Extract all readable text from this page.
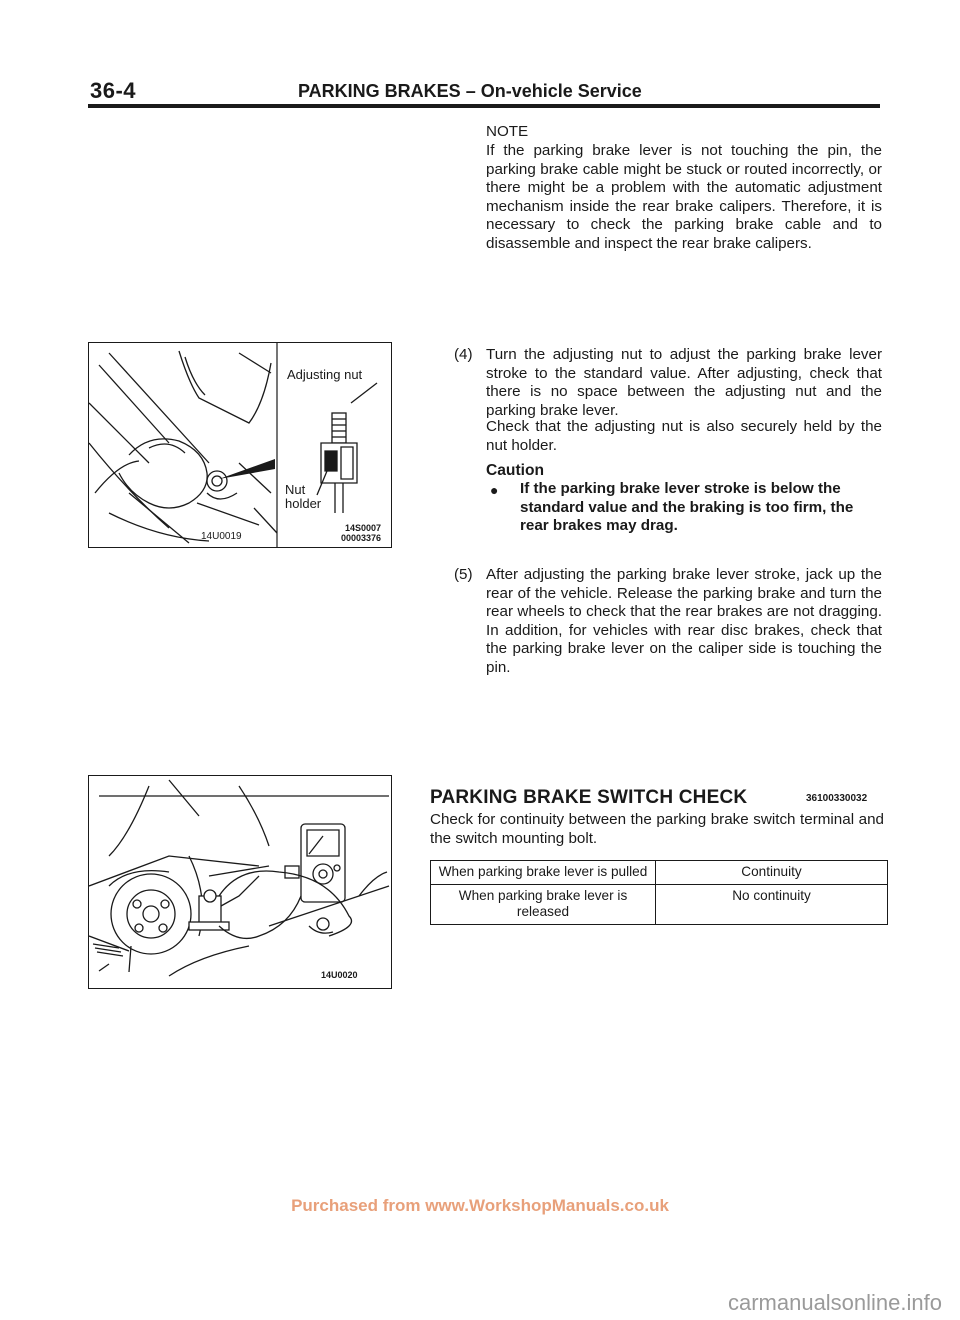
36-4	PARKING BRAKES – On-vehicle Service
NOTE
If the parking brake lever is not touching the pin, the parking brake cable might be stuck or routed incorrectly, or there might be a problem with the automatic adjustment mechanism inside the rear brake calipers. Therefore, it is necessary to check the parking brake cable and to disassemble and inspect the rear brake calipers.
Adjusting nut
Nut
holder
14U0019
14S0007
00003376
(4) Turn the adjusting nut to adjust the parking brake lever stroke to the standard value. After adjusting, check that there is no space between the adjusting nut and the parking brake lever.
Check that the adjusting nut is also securely held by the nut holder.
Caution
● If the parking brake lever stroke is below the standard value and the braking is too firm, the rear brakes may drag.
(5) After adjusting the parking brake lever stroke, jack up the rear of the vehicle. Release the parking brake and turn the rear wheels to check that the rear brakes are not dragging. In addition, for vehicles with rear disc brakes, check that the parking brake lever on the caliper side is touching the pin.
14U0020
PARKING BRAKE SWITCH CHECK	36100330032
Check for continuity between the parking brake switch terminal and the switch mounting bolt.
When parking brake lever is pulled	Continuity
When parking brake lever is released	No continuity
Purchased from www.WorkshopManuals.co.uk
carmanualsonline.info
